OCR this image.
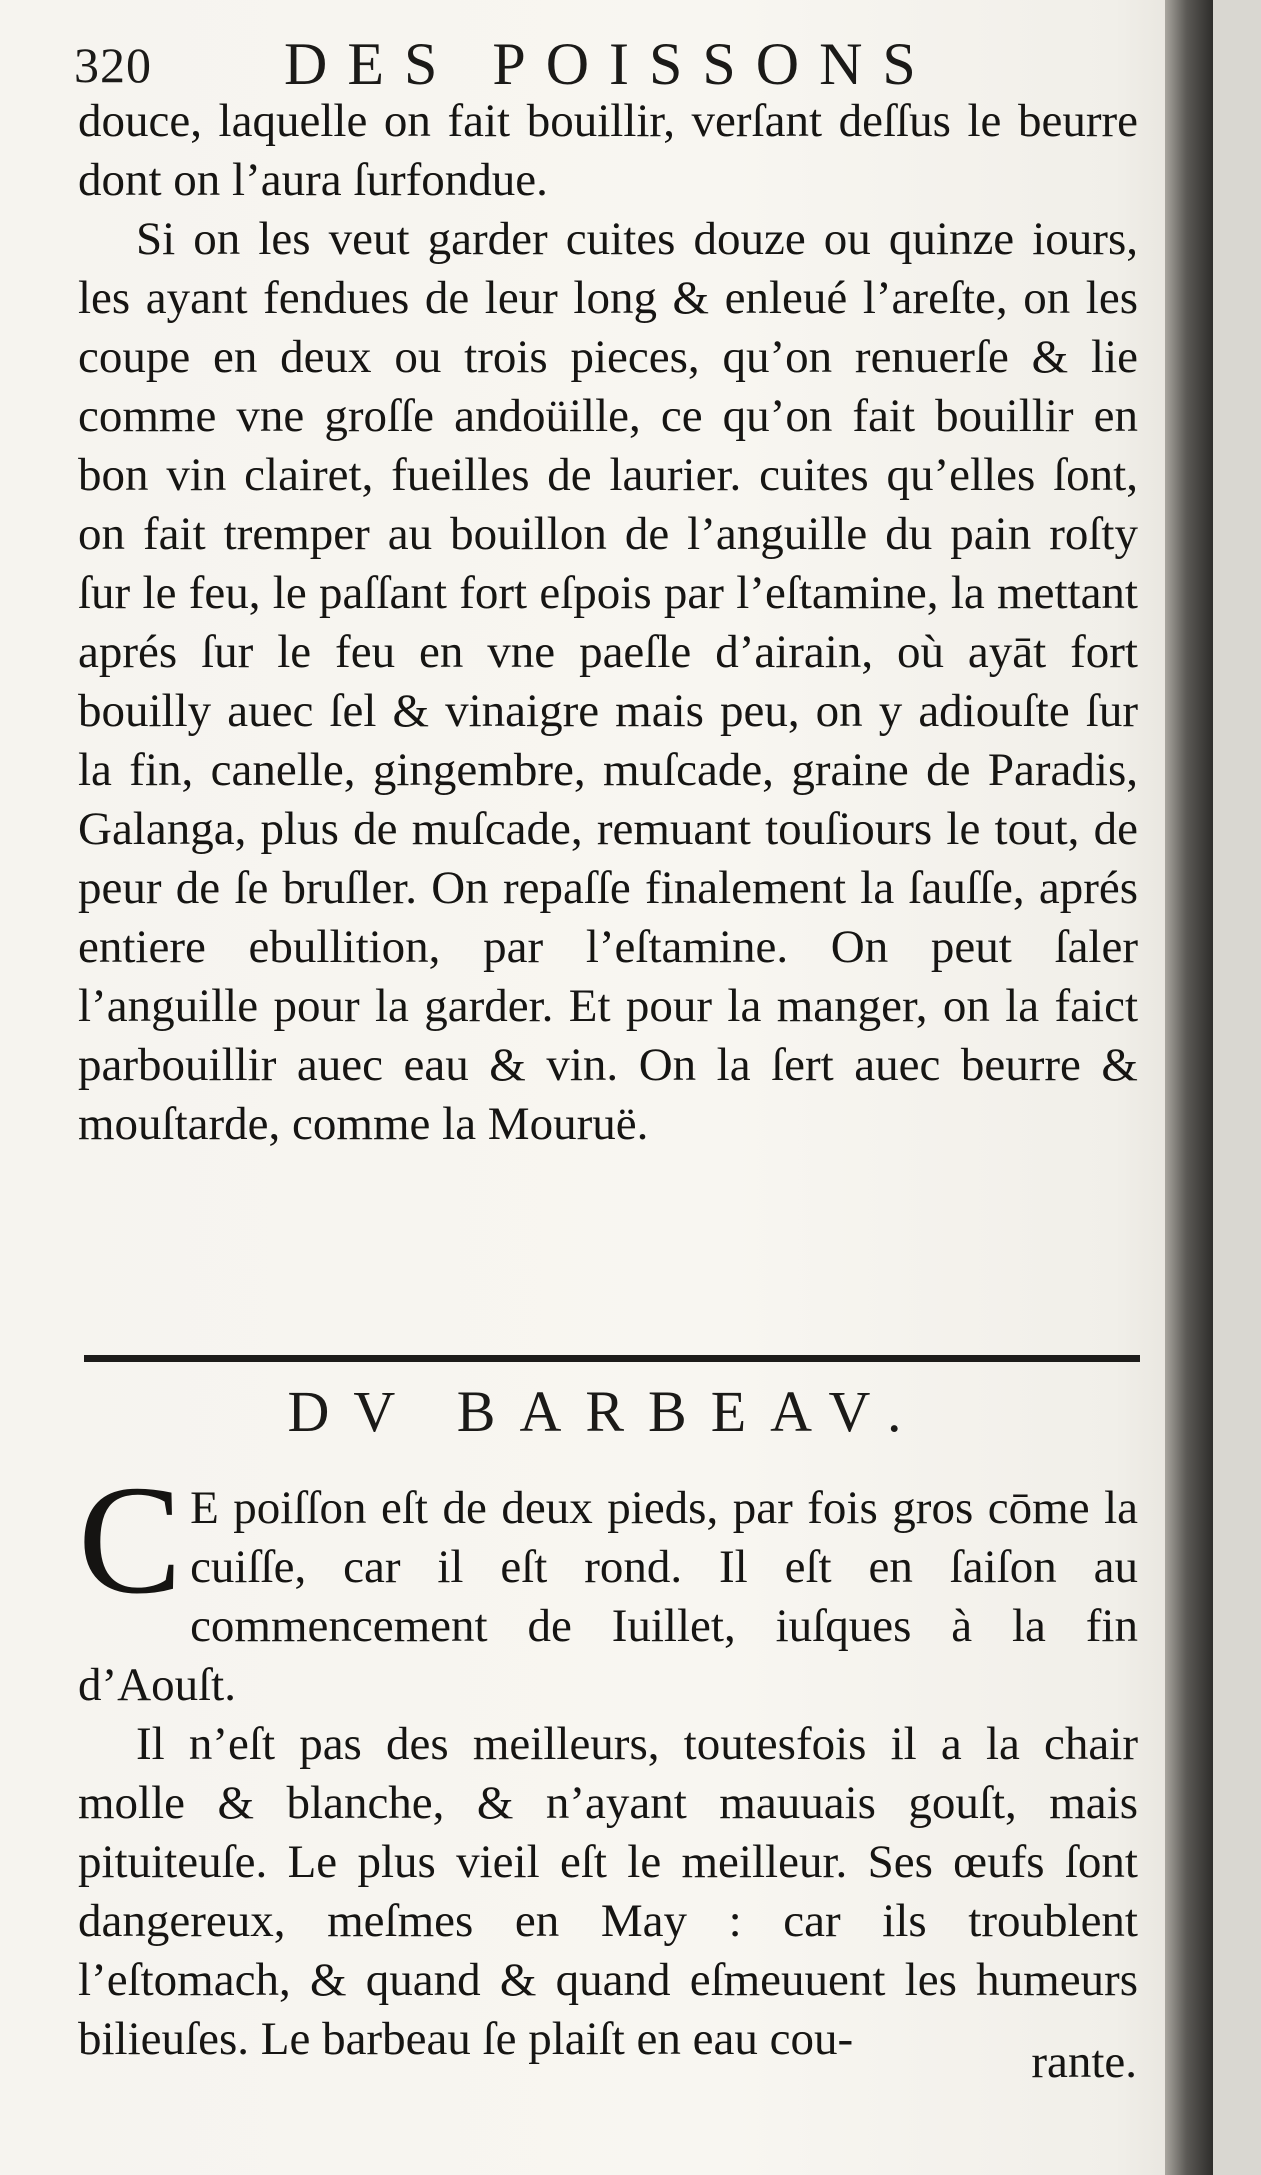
320 DES POISSONS

douce, laquelle on fait bouillir, verſant deſſus le beurre dont on l’aura ſurfondue.

Si on les veut garder cuites douze ou quinze iours, les ayant fendues de leur long & enleué l’areſte, on les coupe en deux ou trois pieces, qu’on renuerſe & lie comme vne groſſe andoüille, ce qu’on fait bouillir en bon vin clairet, fueilles de laurier. cuites qu’elles ſont, on fait tremper au bouillon de l’anguille du pain roſty ſur le feu, le paſſant fort eſpois par l’eſtamine, la mettant aprés ſur le feu en vne paeſle d’airain, où ayāt fort bouilly auec ſel & vinaigre mais peu, on y adiouſte ſur la fin, canelle, gingembre, muſcade, graine de Paradis, Galanga, plus de muſcade, remuant touſiours le tout, de peur de ſe bruſler. On repaſſe finalement la ſauſſe, aprés entiere ebullition, par l’eſtamine. On peut ſaler l’anguille pour la garder. Et pour la manger, on la faict parbouillir auec eau & vin. On la ſert auec beurre & mouſtarde, comme la Mouruë.

DV BARBEAV.

C E poiſſon eſt de deux pieds, par fois gros cōme la cuiſſe, car il eſt rond. Il eſt en ſaiſon au commencement de Iuillet, iuſques à la fin d’Aouſt.

Il n’eſt pas des meilleurs, toutesfois il a la chair molle & blanche, & n’ayant mauuais gouſt, mais pituiteuſe. Le plus vieil eſt le meilleur. Ses œufs ſont dangereux, meſmes en May : car ils troublent l’eſtomach, & quand & quand eſmeuuent les humeurs bilieuſes. Le barbeau ſe plaiſt en eau cou-	rante.
